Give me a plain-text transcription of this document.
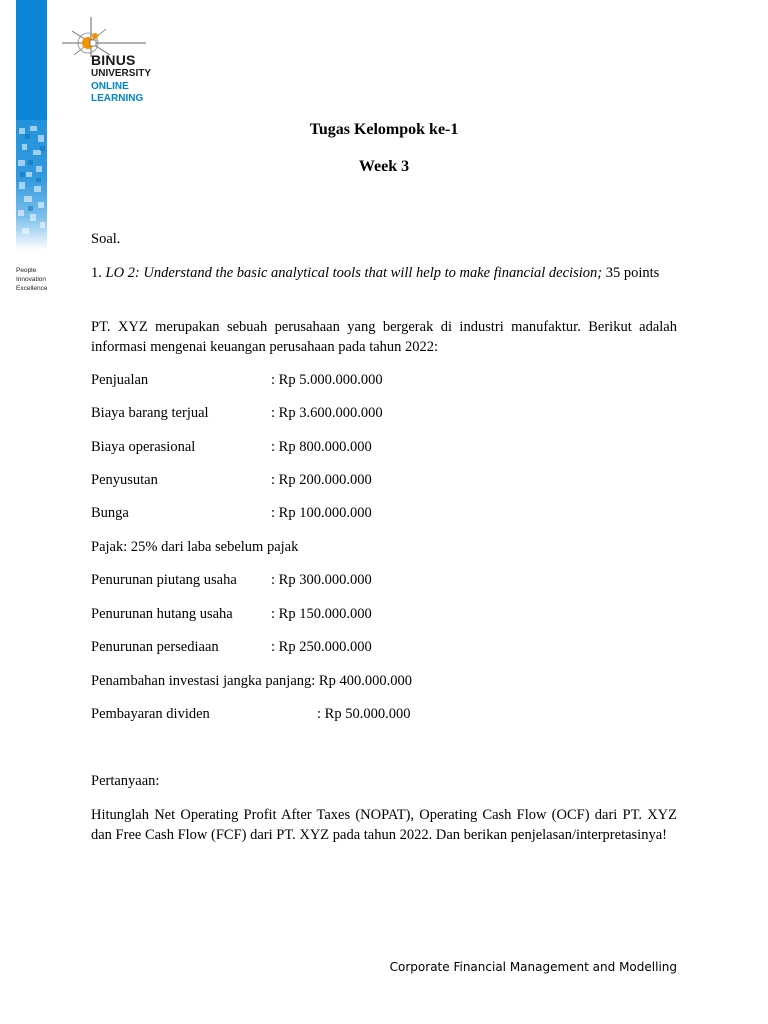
People
Innovation
Excellence
BINUS
UNIVERSITY
ONLINE
LEARNING
Tugas Kelompok ke-1
Week 3

Soal.

1. LO 2: Understand the basic analytical tools that will help to make financial decision; 35 points

PT. XYZ merupakan sebuah perusahaan yang bergerak di industri manufaktur. Berikut adalah informasi mengenai keuangan perusahaan pada tahun 2022:

Penjualan	: Rp 5.000.000.000
Biaya barang terjual	: Rp 3.600.000.000
Biaya operasional	: Rp 800.000.000
Penyusutan	: Rp 200.000.000
Bunga	: Rp 100.000.000
Pajak: 25% dari laba sebelum pajak
Penurunan piutang usaha : Rp 300.000.000
Penurunan hutang usaha	: Rp 150.000.000
Penurunan persediaan	: Rp 250.000.000
Penambahan investasi jangka panjang: Rp 400.000.000
Pembayaran dividen	: Rp 50.000.000

Pertanyaan:

Hitunglah Net Operating Profit After Taxes (NOPAT), Operating Cash Flow (OCF) dari PT. XYZ dan Free Cash Flow (FCF) dari PT. XYZ pada tahun 2022. Dan berikan penjelasan/interpretasinya!

Corporate Financial Management and Modelling
